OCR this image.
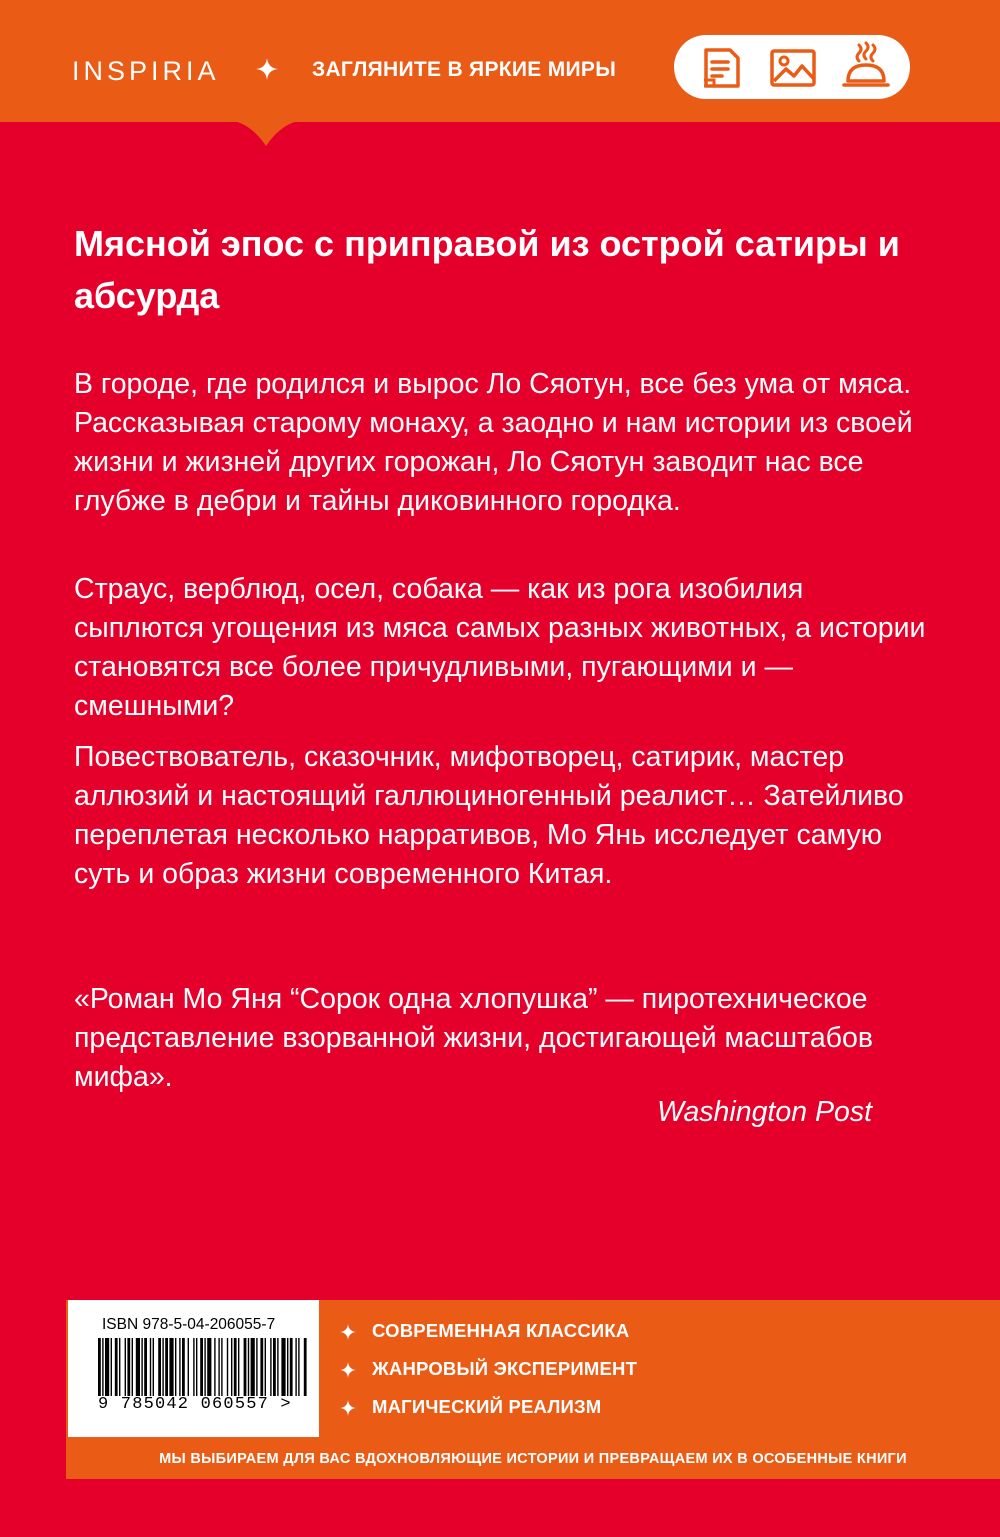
INSPIRIA	ЗАГЛЯНИТЕ В ЯРКИЕ МИРЫ
Мясной эпос с приправой из острой сатиры и абсурда
В городе, где родился и вырос Ло Сяотун, все без ума от мяса. Рассказывая старому монаху, а заодно и нам истории из своей жизни и жизней других горожан, Ло Сяотун заводит нас все глубже в дебри и тайны диковинного городка.
Страус, верблюд, осел, собака — как из рога изобилия сыплются угощения из мяса самых разных животных, а истории становятся все более причудливыми, пугающими и — смешными?
Повествователь, сказочник, мифотворец, сатирик, мастер аллюзий и настоящий галлюциногенный реалист… Затейливо переплетая несколько нарративов, Мо Янь исследует самую суть и образ жизни современного Китая.
«Роман Мо Яня “Сорок одна хлопушка” — пиротехническое представление взорванной жизни, достигающей масштабов мифа».
Washington Post
ISBN 978-5-04-206055-7
9 785042 060557 >
СОВРЕМЕННАЯ КЛАССИКА
ЖАНРОВЫЙ ЭКСПЕРИМЕНТ
МАГИЧЕСКИЙ РЕАЛИЗМ
МЫ ВЫБИРАЕМ ДЛЯ ВАС ВДОХНОВЛЯЮЩИЕ ИСТОРИИ И ПРЕВРАЩАЕМ ИХ В ОСОБЕННЫЕ КНИГИ
